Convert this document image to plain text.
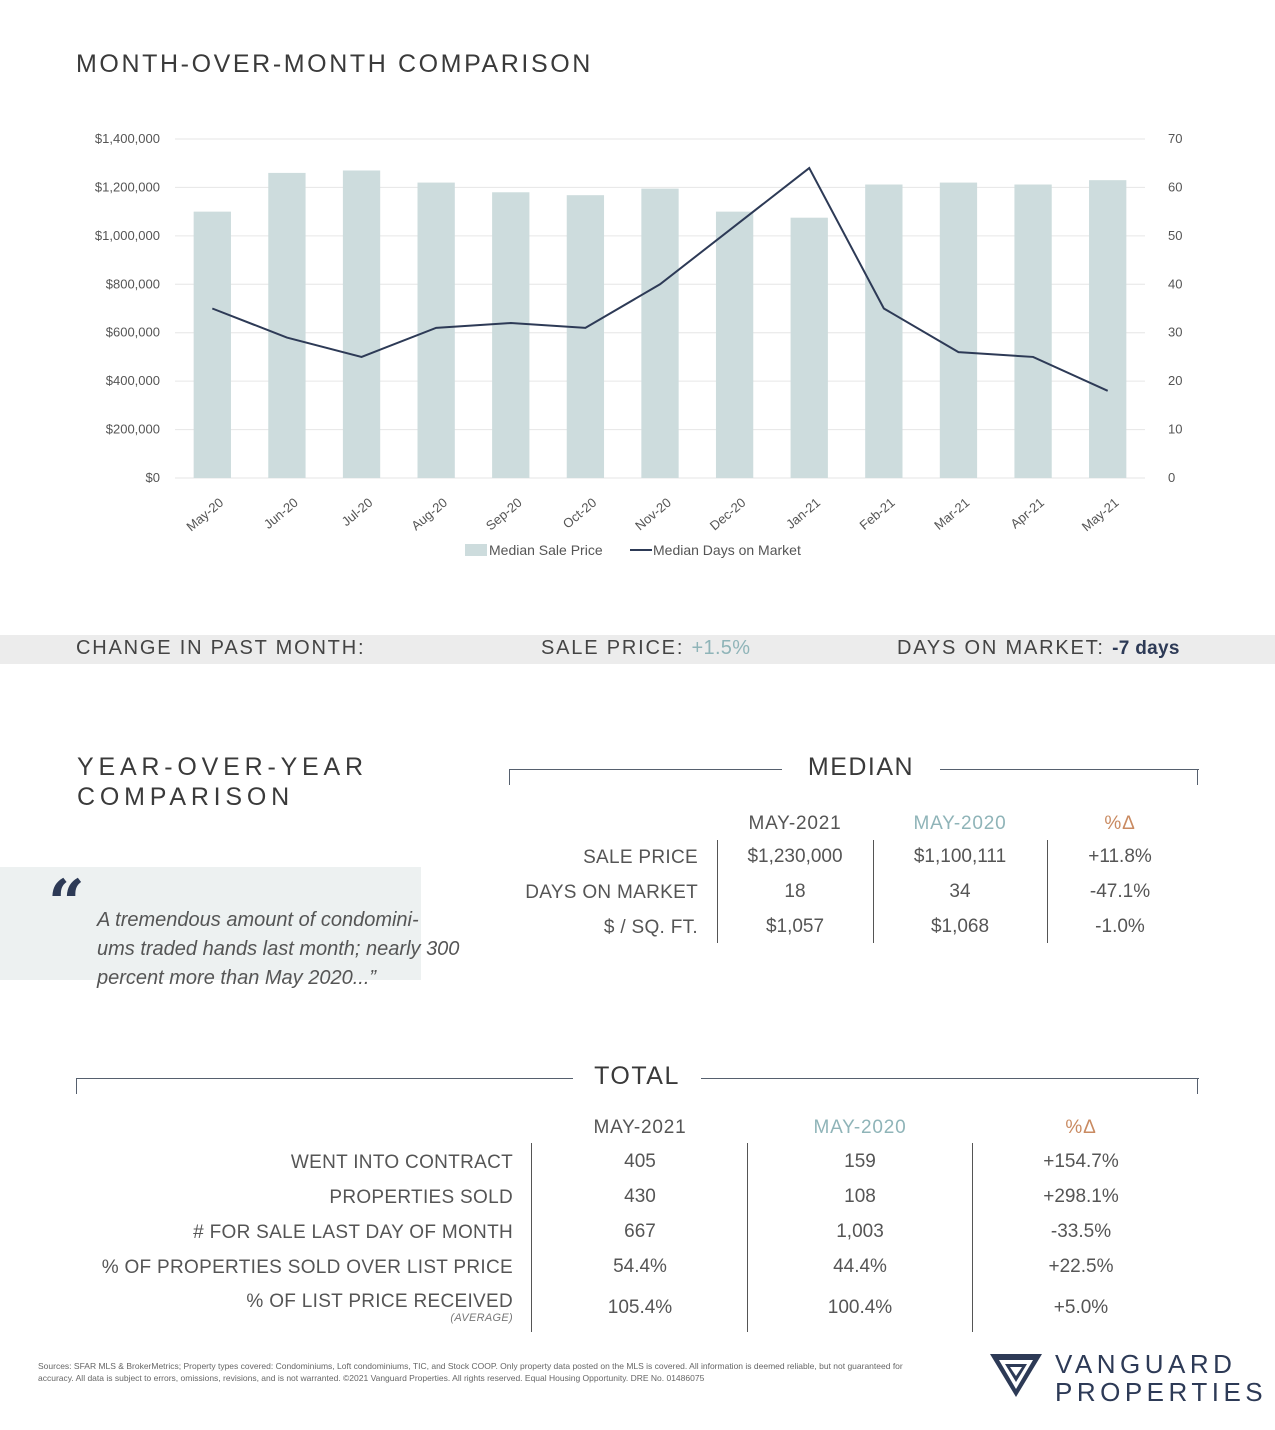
MONTH-OVER-MONTH COMPARISON
$0
$200,000
$400,000
$600,000
$800,000
$1,000,000
$1,200,000
$1,400,000
0
10
20
30
40
50
60
70
May-20	Jun-20	Jul-20	Aug-20	Sep-20	Oct-20	Nov-20	Dec-20	Jan-21	Feb-21	Mar-21	Apr-21 May-21
Median Sale Price	Median Days on Market
CHANGE IN PAST MONTH:	SALE PRICE: +1.5%	DAYS ON MARKET: -7 days
YEAR-OVER-YEAR
COMPARISON
“ A tremendous amount of condomini-
ums traded hands last month; nearly 300
percent more than May 2020...”
MEDIAN
MAY-2021	MAY-2020	%Δ
SALE PRICE	$1,230,000	$1,100,111	+11.8%
DAYS ON MARKET	18	34	-47.1%
$ / SQ. FT.	$1,057	$1,068	-1.0%
TOTAL
MAY-2021	MAY-2020	%Δ
WENT INTO CONTRACT	405	159	+154.7%
PROPERTIES SOLD	430	108	+298.1%
# FOR SALE LAST DAY OF MONTH	667	1,003	-33.5%
% OF PROPERTIES SOLD OVER LIST PRICE	54.4%	44.4%	+22.5%
% OF LIST PRICE RECEIVED
(AVERAGE)	105.4%	100.4%	+5.0%
Sources: SFAR MLS & BrokerMetrics; Property types covered: Condominiums, Loft condominiums, TIC, and Stock COOP. Only property data posted on the MLS is covered. All information is deemed reliable, but not guaranteed for accuracy. All data is subject to errors, omissions, revisions, and is not warranted. ©2021 Vanguard Properties. All rights reserved. Equal Housing Opportunity. DRE No. 01486075	VANGUARD
PROPERTIES
